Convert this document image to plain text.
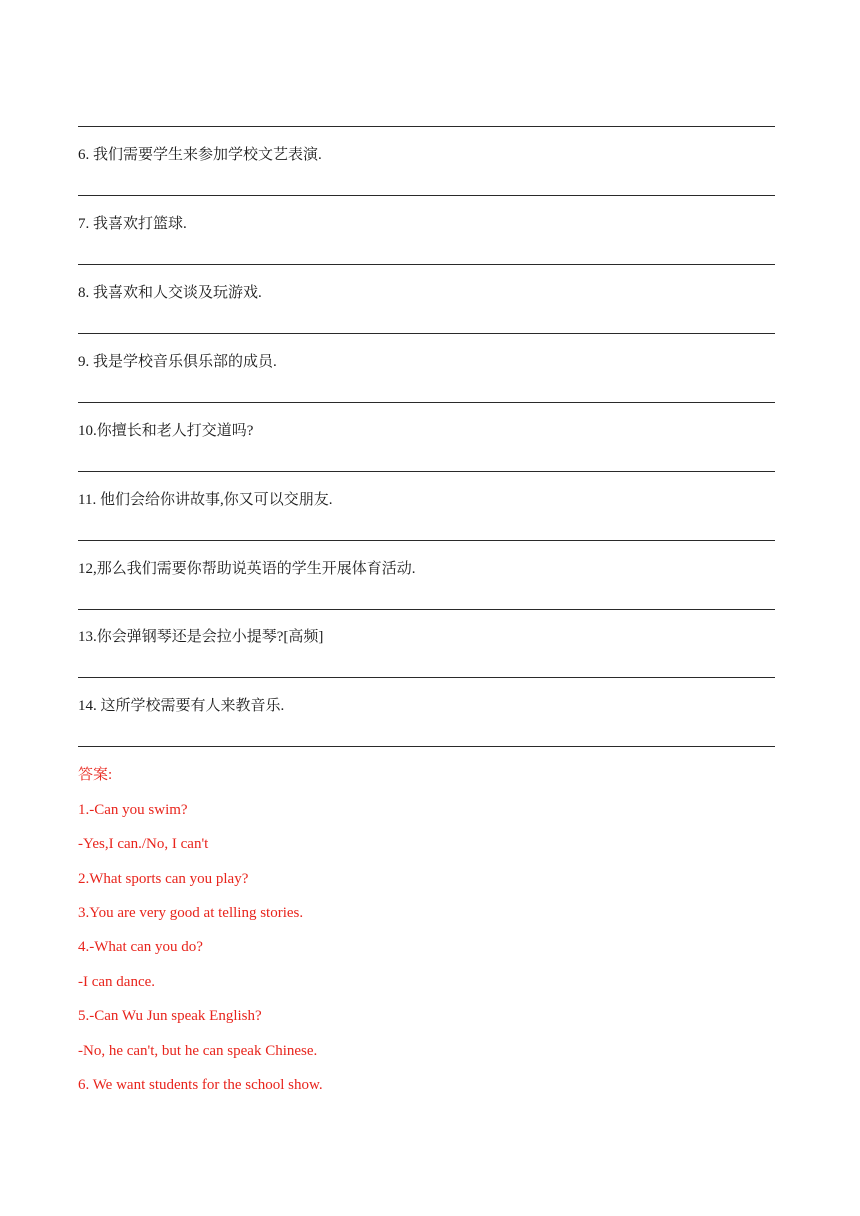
6. 我们需要学生来参加学校文艺表演.
7. 我喜欢打篮球.
8. 我喜欢和人交谈及玩游戏.
9. 我是学校音乐俱乐部的成员.
10.你擅长和老人打交道吗?
11. 他们会给你讲故事,你又可以交朋友.
12,那么我们需要你帮助说英语的学生开展体育活动.
13.你会弹钢琴还是会拉小提琴?[高频]
14. 这所学校需要有人来教音乐.
答案:
1.-Can you swim?
-Yes,I can./No, I can't
2.What sports can you play?
3.You are very good at telling stories.
4.-What can you do?
-I can dance.
5.-Can Wu Jun speak English?
-No, he can't, but he can speak Chinese.
6. We want students for the school show.
